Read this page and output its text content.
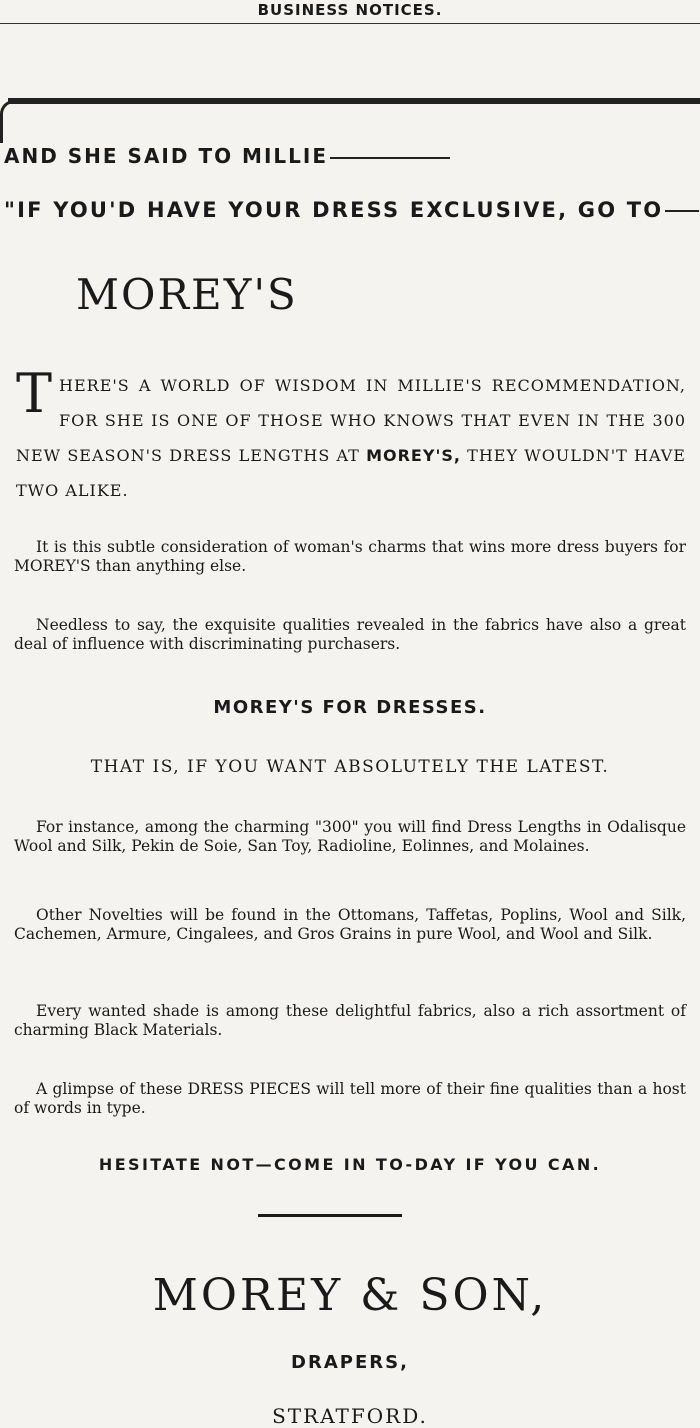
BUSINESS NOTICES.
AND SHE SAID TO MILLIE
"IF YOU'D HAVE YOUR DRESS EXCLUSIVE, GO TO
MOREY'S
THERE'S A WORLD OF WISDOM IN MILLIE'S RECOMMENDATION, FOR SHE IS ONE OF THOSE WHO KNOWS THAT EVEN IN THE 300 NEW SEASON'S DRESS LENGTHS AT MOREY'S, THEY WOULDN'T HAVE TWO ALIKE.
It is this subtle consideration of woman's charms that wins more dress buyers for MOREY'S than anything else.
Needless to say, the exquisite qualities revealed in the fabrics have also a great deal of influence with discriminating purchasers.
MOREY'S FOR DRESSES.
THAT IS, IF YOU WANT ABSOLUTELY THE LATEST.
For instance, among the charming "300" you will find Dress Lengths in Odalisque Wool and Silk, Pekin de Soie, San Toy, Radioline, Eolinnes, and Molaines.
Other Novelties will be found in the Ottomans, Taffetas, Poplins, Wool and Silk, Cachemen, Armure, Cingalees, and Gros Grains in pure Wool, and Wool and Silk.
Every wanted shade is among these delightful fabrics, also a rich assortment of charming Black Materials.
A glimpse of these DRESS PIECES will tell more of their fine qualities than a host of words in type.
HESITATE NOT—COME IN TO-DAY IF YOU CAN.
MOREY & SON,
DRAPERS,
STRATFORD.
